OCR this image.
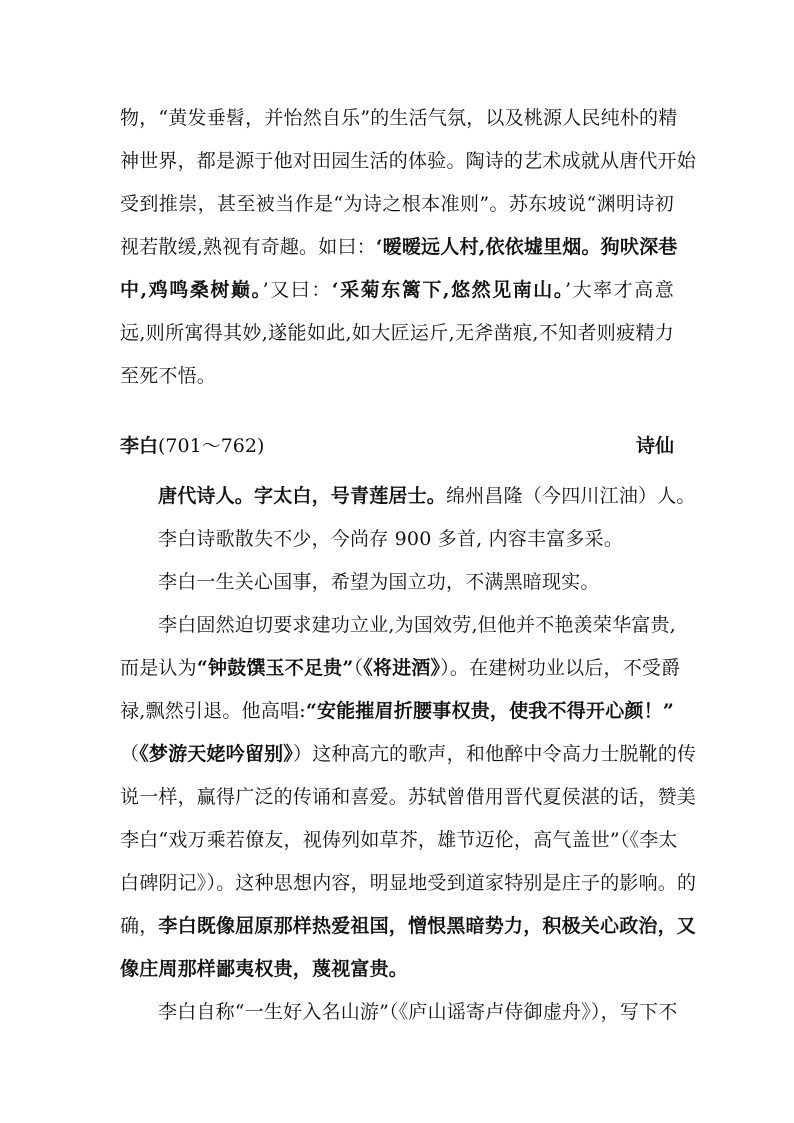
物，“黄发垂髫，并怡然自乐”的生活气氛，以及桃源人民纯朴的精
神世界，都是源于他对田园生活的体验。陶诗的艺术成就从唐代开始
受到推崇，甚至被当作是“为诗之根本准则”。苏东坡说“渊明诗初
视若散缓,熟视有奇趣。如曰：‘暧暧远人村,依依墟里烟。狗吠深巷
中,鸡鸣桑树巅。’又曰：‘采菊东篱下,悠然见南山。’大率才高意
远,则所寓得其妙,遂能如此,如大匠运斤,无斧凿痕,不知者则疲精力
至死不悟。
李白(701～762)	诗仙
唐代诗人。字太白，号青莲居士。绵州昌隆（今四川江油）人。
李白诗歌散失不少，今尚存 900 多首, 内容丰富多采。
李白一生关心国事，希望为国立功，不满黑暗现实。
李白固然迫切要求建功立业,为国效劳,但他并不艳羡荣华富贵,
而是认为“钟鼓馔玉不足贵”（《将进酒》）。在建树功业以后，不受爵
禄,飘然引退。他高唱:“安能摧眉折腰事权贵，使我不得开心颜！”
（《梦游天姥吟留别》）这种高亢的歌声，和他醉中令高力士脱靴的传
说一样，赢得广泛的传诵和喜爱。苏轼曾借用晋代夏侯湛的话，赞美
李白“戏万乘若僚友，视俦列如草芥，雄节迈伦，高气盖世”（《李太
白碑阴记》）。这种思想内容，明显地受到道家特别是庄子的影响。的
确，李白既像屈原那样热爱祖国，憎恨黑暗势力，积极关心政治，又
像庄周那样鄙夷权贵，蔑视富贵。
李白自称“一生好入名山游”（《庐山谣寄卢侍御虚舟》），写下不
